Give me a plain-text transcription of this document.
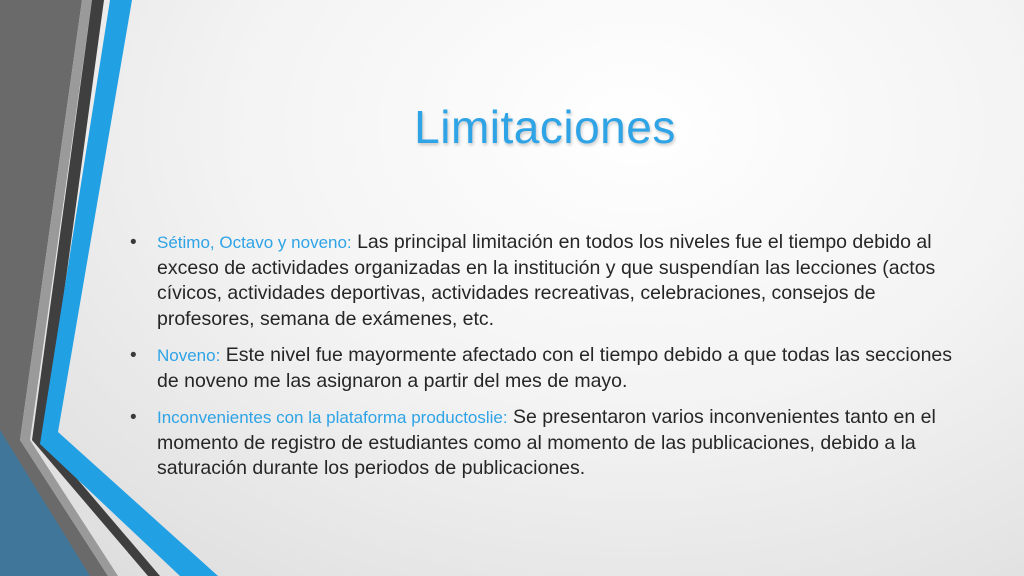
Limitaciones
• Sétimo, Octavo y noveno: Las principal limitación en todos los niveles fue el tiempo debido al exceso de actividades organizadas en la institución y que suspendían las lecciones (actos cívicos, actividades deportivas, actividades recreativas, celebraciones, consejos de profesores, semana de exámenes, etc.
• Noveno: Este nivel fue mayormente afectado con el tiempo debido a que todas las secciones de noveno me las asignaron a partir del mes de mayo.
• Inconvenientes con la plataforma productoslie: Se presentaron varios inconvenientes tanto en el momento de registro de estudiantes como al momento de las publicaciones, debido a la saturación durante los periodos de publicaciones.
